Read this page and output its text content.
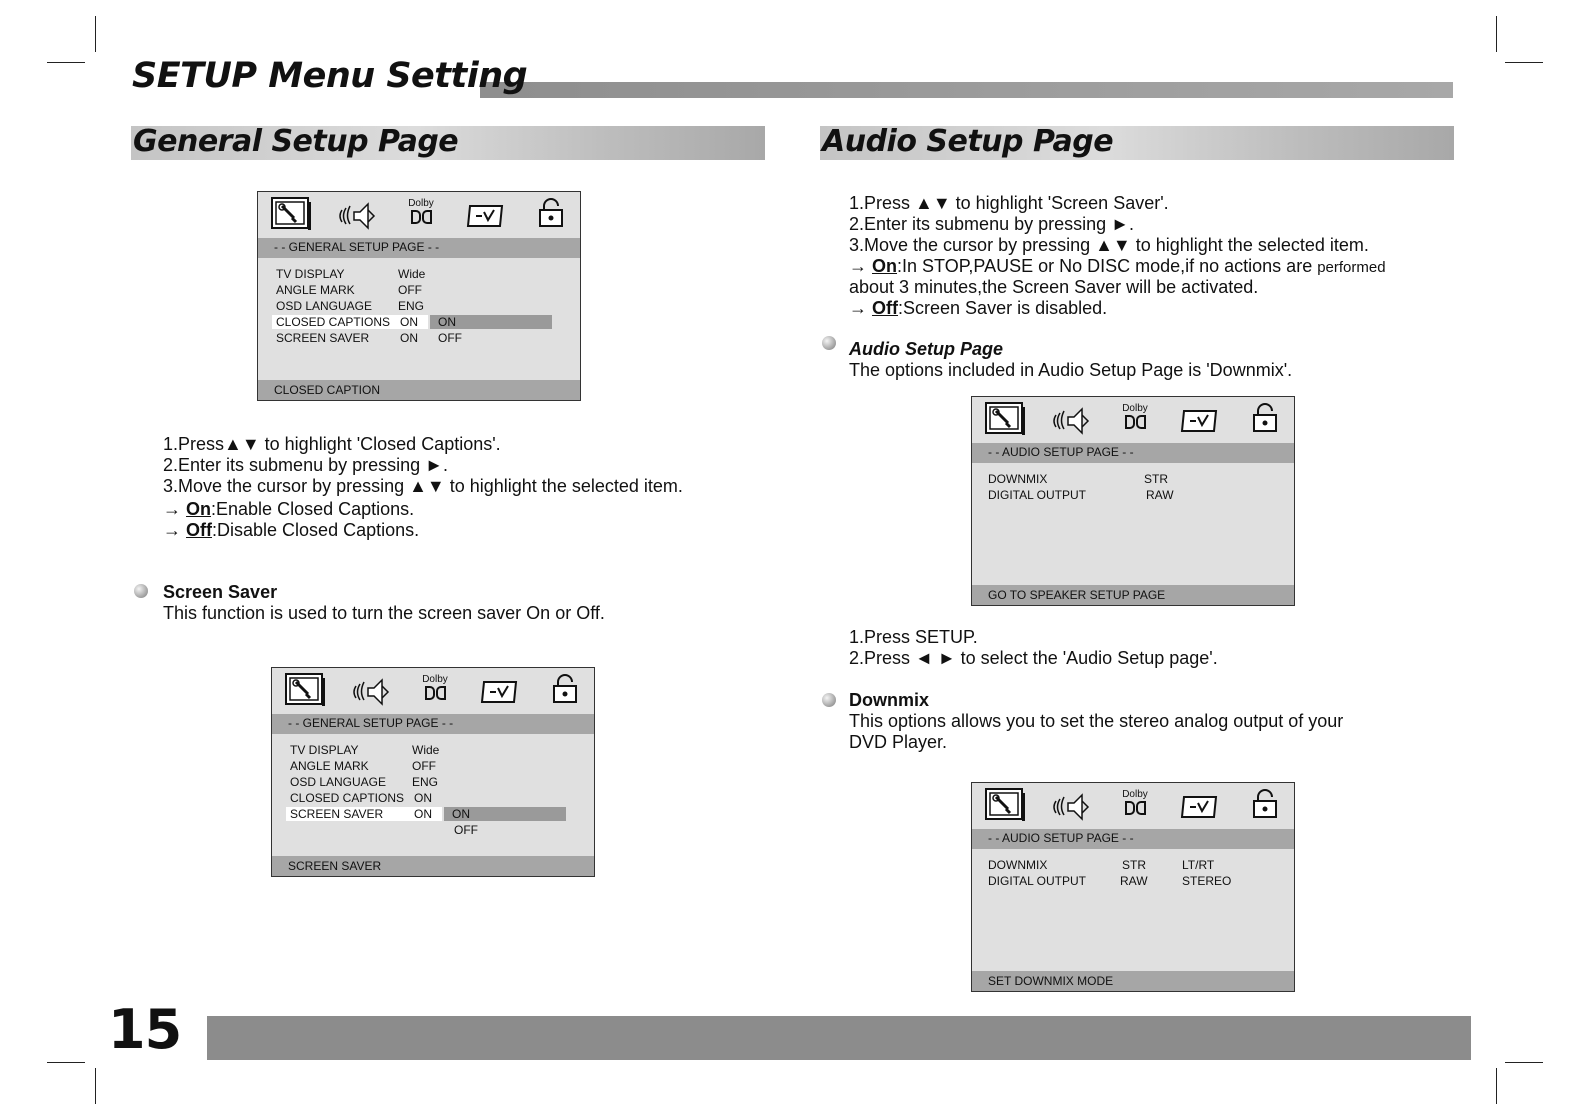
SETUP Menu Setting
General Setup Page	Audio Setup Page
Dolby
- - GENERAL SETUP PAGE - -
TV DISPLAY	Wide
ANGLE MARK	OFF
OSD LANGUAGE ENG
CLOSED CAPTIONS ON ON
SCREEN SAVER	ON OFF
CLOSED CAPTION
1.Press▲▼ to highlight 'Closed Captions'.
2.Enter its submenu by pressing ►.
3.Move the cursor by pressing ▲▼ to highlight the selected item.
→ On:Enable Closed Captions.
→ Off:Disable Closed Captions.
Screen Saver
This function is used to turn the screen saver On or Off.
Dolby
- - GENERAL SETUP PAGE - -
TV DISPLAY	Wide
ANGLE MARK	OFF
OSD LANGUAGE ENG
CLOSED CAPTIONS ON
SCREEN SAVER	ON ON
OFF
SCREEN SAVER
1.Press ▲▼ to highlight 'Screen Saver'.
2.Enter its submenu by pressing ►.
3.Move the cursor by pressing ▲▼ to highlight the selected item.
→ On:In STOP,PAUSE or No DISC mode,if no actions are performed
about 3 minutes,the Screen Saver will be activated.
→ Off:Screen Saver is disabled.
Audio Setup Page
The options included in Audio Setup Page is 'Downmix'.
Dolby
- - AUDIO SETUP PAGE - -
DOWNMIX	STR
DIGITAL OUTPUT	RAW
GO TO SPEAKER SETUP PAGE
1.Press SETUP.
2.Press ◄ ► to select the 'Audio Setup page'.
Downmix
This options allows you to set the stereo analog output of your
DVD Player.
Dolby
- - AUDIO SETUP PAGE - -
DOWNMIX	STR	LT/RT
DIGITAL OUTPUT	RAW	STEREO
SET DOWNMIX MODE
15
